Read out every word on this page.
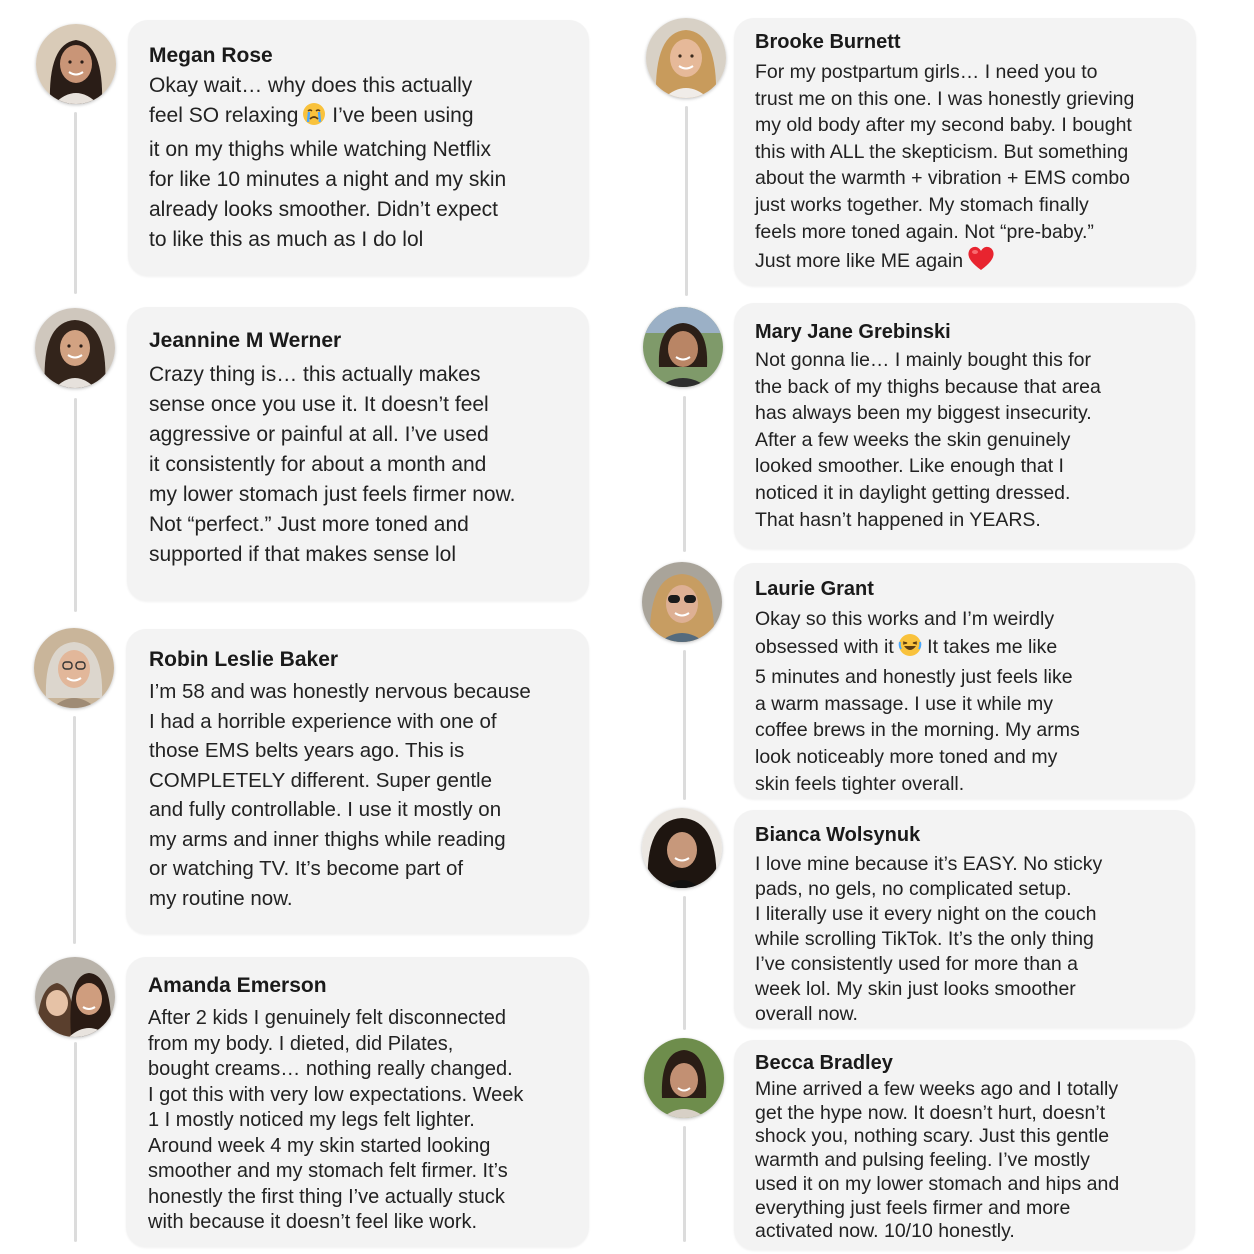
Megan Rose

Okay wait… why does this actually
feel SO relaxing I’ve been using
it on my thighs while watching Netflix
for like 10 minutes a night and my skin
already looks smoother. Didn’t expect
to like this as much as I do lol

Jeannine M Werner

Crazy thing is… this actually makes
sense once you use it. It doesn’t feel
aggressive or painful at all. I’ve used
it consistently for about a month and
my lower stomach just feels firmer now.
Not “perfect.” Just more toned and
supported if that makes sense lol

Robin Leslie Baker

I’m 58 and was honestly nervous because
I had a horrible experience with one of
those EMS belts years ago. This is
COMPLETELY different. Super gentle
and fully controllable. I use it mostly on
my arms and inner thighs while reading
or watching TV. It’s become part of
my routine now.

Amanda Emerson

After 2 kids I genuinely felt disconnected
from my body. I dieted, did Pilates,
bought creams… nothing really changed.
I got this with very low expectations. Week
1 I mostly noticed my legs felt lighter.
Around week 4 my skin started looking
smoother and my stomach felt firmer. It’s
honestly the first thing I’ve actually stuck
with because it doesn’t feel like work.

Brooke Burnett

For my postpartum girls… I need you to
trust me on this one. I was honestly grieving
my old body after my second baby. I bought
this with ALL the skepticism. But something
about the warmth + vibration + EMS combo
just works together. My stomach finally
feels more toned again. Not “pre-baby.”
Just more like ME again

Mary Jane Grebinski

Not gonna lie… I mainly bought this for
the back of my thighs because that area
has always been my biggest insecurity.
After a few weeks the skin genuinely
looked smoother. Like enough that I
noticed it in daylight getting dressed.
That hasn’t happened in YEARS.

Laurie Grant

Okay so this works and I’m weirdly
obsessed with it It takes me like
5 minutes and honestly just feels like
a warm massage. I use it while my
coffee brews in the morning. My arms
look noticeably more toned and my
skin feels tighter overall.

Bianca Wolsynuk

I love mine because it’s EASY. No sticky
pads, no gels, no complicated setup.
I literally use it every night on the couch
while scrolling TikTok. It’s the only thing
I’ve consistently used for more than a
week lol. My skin just looks smoother
overall now.

Becca Bradley

Mine arrived a few weeks ago and I totally
get the hype now. It doesn’t hurt, doesn’t
shock you, nothing scary. Just this gentle
warmth and pulsing feeling. I’ve mostly
used it on my lower stomach and hips and
everything just feels firmer and more
activated now. 10/10 honestly.
